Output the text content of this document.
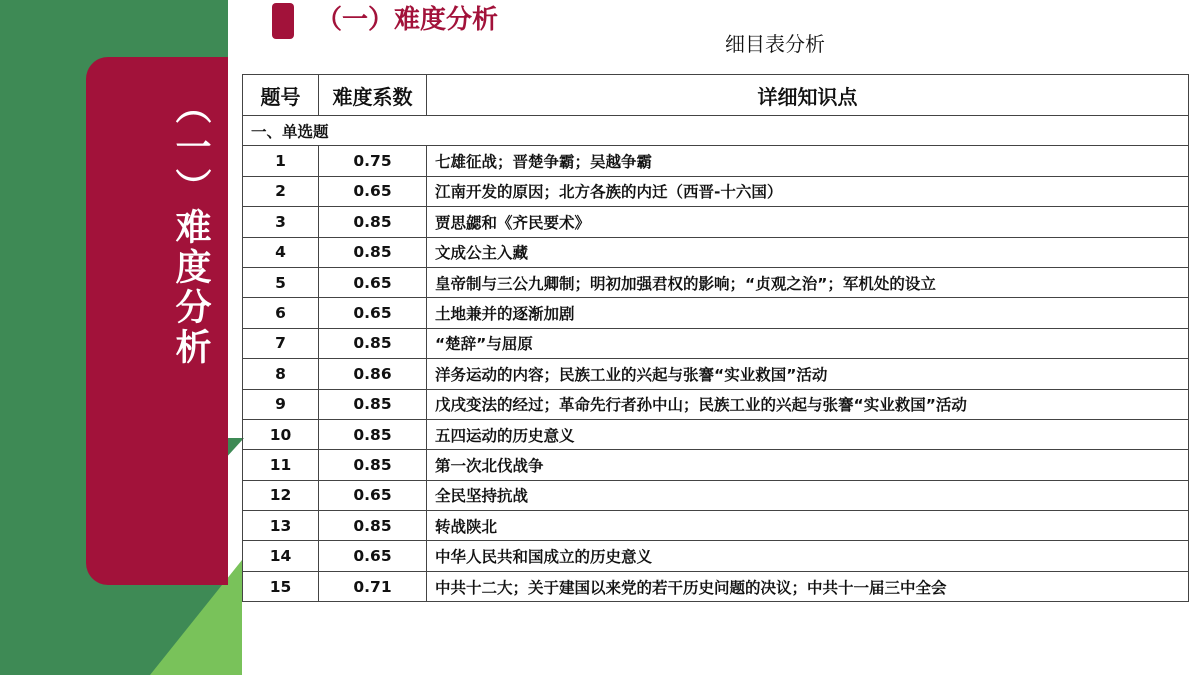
（一）难度分析
（一）难度分析
细目表分析
题号	难度系数	详细知识点
一、单选题		
1	0.75	七雄征战；晋楚争霸；吴越争霸
2	0.65	江南开发的原因；北方各族的内迁（西晋-十六国）
3	0.85	贾思勰和《齐民要术》
4	0.85	文成公主入藏
5	0.65	皇帝制与三公九卿制；明初加强君权的影响；“贞观之治”；军机处的设立
6	0.65	土地兼并的逐渐加剧
7	0.85	“楚辞”与屈原
8	0.86	洋务运动的内容；民族工业的兴起与张謇“实业救国”活动
9	0.85	戊戌变法的经过；革命先行者孙中山；民族工业的兴起与张謇“实业救国”活动
10	0.85	五四运动的历史意义
11	0.85	第一次北伐战争
12	0.65	全民坚持抗战
13	0.85	转战陕北
14	0.65	中华人民共和国成立的历史意义
15	0.71	中共十二大；关于建国以来党的若干历史问题的决议；中共十一届三中全会
